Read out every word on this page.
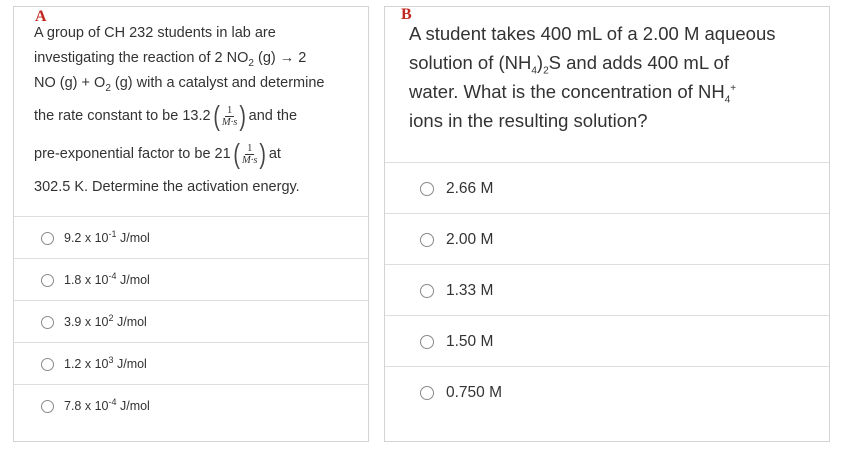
A
A group of CH 232 students in lab are
investigating the reaction of 2 $NO_2$ (g) → 2
NO $(g) + O_2$ (g) with a catalyst and determine
the rate constant to be 13.2 ( $\frac{1}{M\cdot s}$ ) and the
pre-exponential factor to be 21 ( $\frac{1}{M\cdot s}$ ) at
302.5 K. Determine the activation energy.
9.2 x $10^{-1}$ J/mol
1.8 x $10^{-4}$ J/mol
3.9 x $10^2$ J/mol
1.2 x $10^3$ J/mol
7.8 x $10^{-4}$ J/mol
B
A student takes 400 mL of a 2.00 M aqueous
solution of $(NH_4)_2S$ and adds 400 mL of
water. What is the concentration of $NH_4^+$
ions in the resulting solution?
2.66 M
2.00 M
1.33 M
1.50 M
0.750 M
